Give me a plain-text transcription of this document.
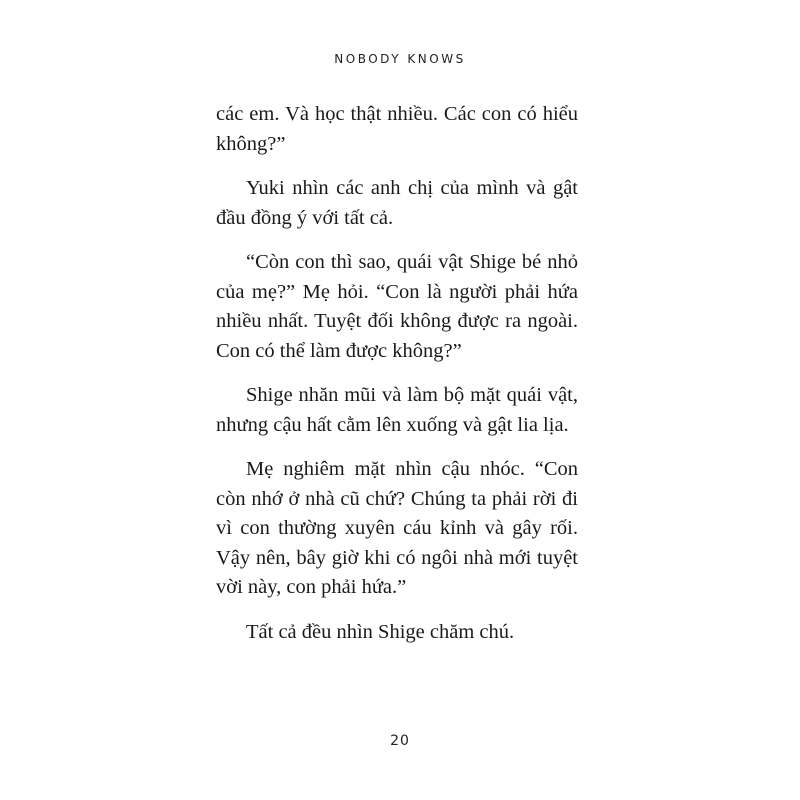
NOBODY KNOWS

các em. Và học thật nhiều. Các con có hiểu không?”

Yuki nhìn các anh chị của mình và gật đầu đồng ý với tất cả.

“Còn con thì sao, quái vật Shige bé nhỏ của mẹ?” Mẹ hỏi. “Con là người phải hứa nhiều nhất. Tuyệt đối không được ra ngoài. Con có thể làm được không?”

Shige nhăn mũi và làm bộ mặt quái vật, nhưng cậu hất cằm lên xuống và gật lia lịa.

Mẹ nghiêm mặt nhìn cậu nhóc. “Con còn nhớ ở nhà cũ chứ? Chúng ta phải rời đi vì con thường xuyên cáu kỉnh và gây rối. Vậy nên, bây giờ khi có ngôi nhà mới tuyệt vời này, con phải hứa.”

Tất cả đều nhìn Shige chăm chú.

20
